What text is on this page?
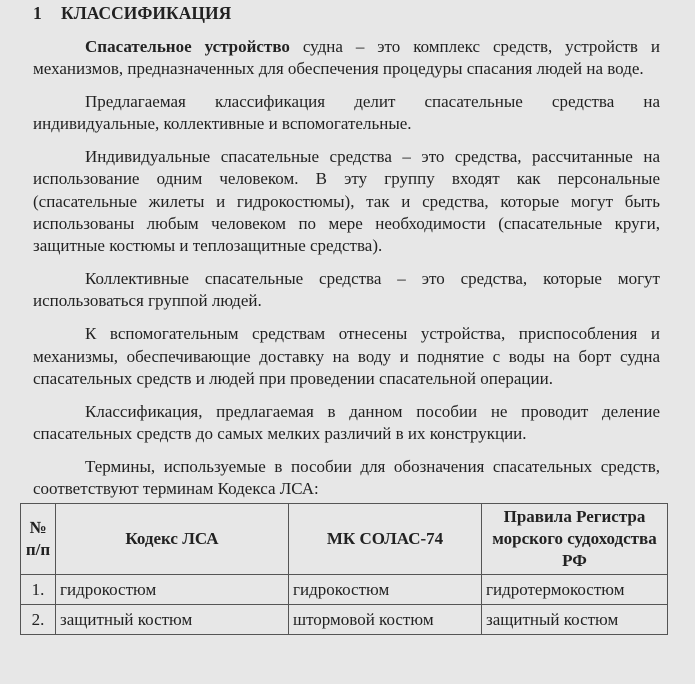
1 КЛАССИФИКАЦИЯ

Спасательное устройство судна – это комплекс средств, устройств и механизмов, предназначенных для обеспечения процедуры спасания людей на воде.

Предлагаемая классификация делит спасательные средства на индивидуальные, коллективные и вспомогательные.

Индивидуальные спасательные средства – это средства, рассчитанные на использование одним человеком. В эту группу входят как персональные (спасательные жилеты и гидрокостюмы), так и средства, которые могут быть использованы любым человеком по мере необходимости (спасательные круги, защитные костюмы и теплозащитные средства).

Коллективные спасательные средства – это средства, которые могут использоваться группой людей.

К вспомогательным средствам отнесены устройства, приспособления и механизмы, обеспечивающие доставку на воду и поднятие с воды на борт судна спасательных средств и людей при проведении спасательной операции.

Классификация, предлагаемая в данном пособии не проводит деление спасательных средств до самых мелких различий в их конструкции.

Термины, используемые в пособии для обозначения спасательных средств, соответствуют терминам Кодекса ЛСА:

№ п/п	Кодекс ЛСА	МК СОЛАС-74	Правила Регистра морского судоходства РФ
1.	гидрокостюм	гидрокостюм	гидротермокостюм
2.	защитный костюм	штормовой костюм	защитный костюм
